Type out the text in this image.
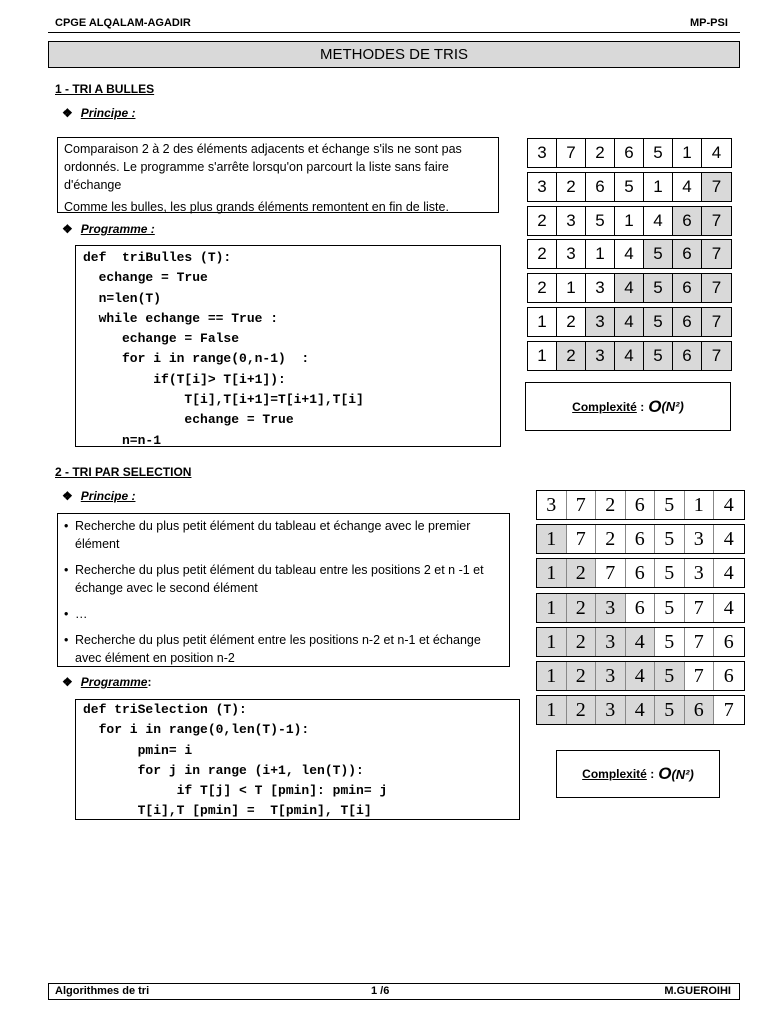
CPGE ALQALAM-AGADIR	MP-PSI
METHODES DE TRIS
1 - TRI A BULLES
❖ Principe :
Comparaison 2 à 2 des éléments adjacents et échange s'ils ne sont pas ordonnés. Le programme s'arrête lorsqu'on parcourt la liste sans faire d'échange
Comme les bulles, les plus grands éléments remontent en fin de liste.
❖ Programme :
def  triBulles (T):
echange = True
n=len(T)
while echange == True :
echange = False
for i in range(0,n-1)  :
if(T[i]> T[i+1]):
T[i],T[i+1]=T[i+1],T[i]
echange = True
n=n-1
3	7	2	6	5	1	4
3	2	6	5	1	4	7
2	3	5	1	4	6	7
2	3	1	4	5	6	7
2	1	3	4	5	6	7
1	2	3	4	5	6	7
1	2	3	4	5	6	7
Complexité : O (N²)
2 - TRI PAR SELECTION
❖ Principe :
• Recherche du plus petit élément du tableau et échange avec le premier élément
• Recherche du plus petit élément du tableau entre les positions 2 et n -1 et échange avec le second élément
• …
• Recherche du plus petit élément entre les positions n-2 et n-1 et échange avec élément en position n-2
❖ Programme:
def triSelection (T):
for i in range(0,len(T)-1):
pmin= i
for j in range (i+1, len(T)):
if T[j] < T [pmin]: pmin= j
T[i],T [pmin] =  T[pmin], T[i]
3 7 2 6 5 1	4
1 7 2 6 5 3	4
1 2 7 6 5 3	4
1 2 3 6 5 7	4
1 2 3 4 5 7	6
1 2 3 4 5 7	6
1 2 3 4 5 6	7
Complexité : O (N²)
Algorithmes de tri	1 /6	M.GUEROIHI
